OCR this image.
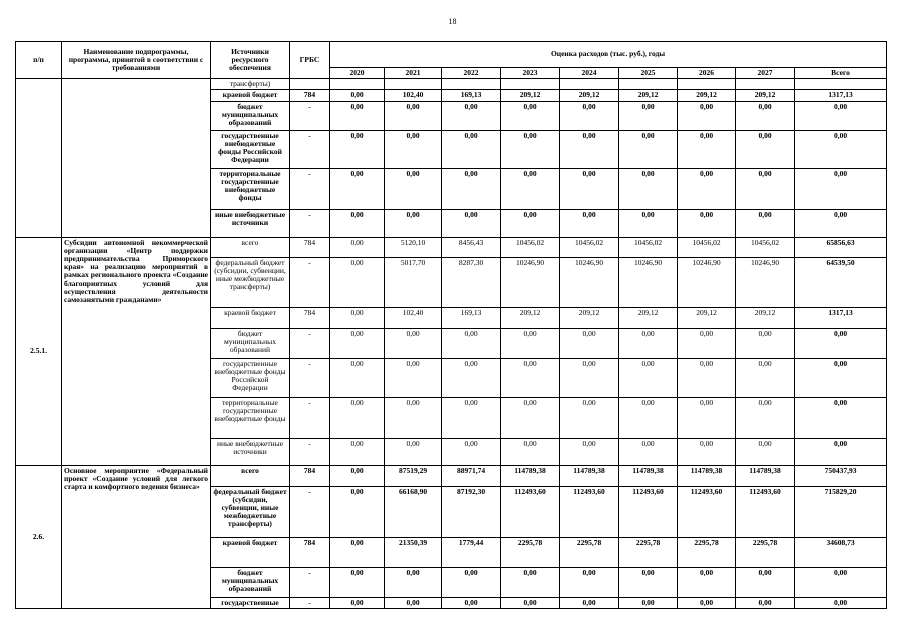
18
п/п	Наименование подпрограммы, программы, принятой в соответствии с требованиями	Источники ресурсного обеспечения	ГРБС	Оценка расходов (тыс. руб.), годы								
				2020	2021	2022	2023	2024	2025	2026	2027	Всего
		трансферты)										
		краевой бюджет	784	0,00	102,40	169,13	209,12	209,12	209,12	209,12	209,12	1317,13
		бюджет муниципальных образований	-	0,00	0,00	0,00	0,00	0,00	0,00	0,00	0,00	0,00
		государственные внебюджетные фонды Российской Федерации	-	0,00	0,00	0,00	0,00	0,00	0,00	0,00	0,00	0,00
		территориальные государственные внебюджетные фонды	-	0,00	0,00	0,00	0,00	0,00	0,00	0,00	0,00	0,00
		иные внебюджетные источники	-	0,00	0,00	0,00	0,00	0,00	0,00	0,00	0,00	0,00
2.5.1.	Субсидии автономной некоммерческой организации «Центр поддержки предпринимательства Приморского края» на реализацию мероприятий в рамках регионального проекта «Создание благоприятных условий для осуществления деятельности самозанятыми гражданами»	всего	784	0,00	5120,10	8456,43	10456,02	10456,02	10456,02	10456,02	10456,02	65856,63
		федеральный бюджет (субсидии, субвенции, иные межбюджетные трансферты)	-	0,00	5017,70	8287,30	10246,90	10246,90	10246,90	10246,90	10246,90	64539,50
		краевой бюджет	784	0,00	102,40	169,13	209,12	209,12	209,12	209,12	209,12	1317,13
		бюджет муниципальных образований	-	0,00	0,00	0,00	0,00	0,00	0,00	0,00	0,00	0,00
		государственные внебюджетные фонды Российской Федерации	-	0,00	0,00	0,00	0,00	0,00	0,00	0,00	0,00	0,00
		территориальные государственные внебюджетные фонды	-	0,00	0,00	0,00	0,00	0,00	0,00	0,00	0,00	0,00
		иные внебюджетные источники	-	0,00	0,00	0,00	0,00	0,00	0,00	0,00	0,00	0,00
2.6.	Основное мероприятие «Федеральный проект «Создание условий для легкого старта и комфортного ведения бизнеса»	всего	784	0,00	87519,29	88971,74	114789,38	114789,38	114789,38	114789,38	114789,38	750437,93
		федеральный бюджет (субсидии, субвенции, иные межбюджетные трансферты)	-	0,00	66168,90	87192,30	112493,60	112493,60	112493,60	112493,60	112493,60	715829,20
		краевой бюджет	784	0,00	21350,39	1779,44	2295,78	2295,78	2295,78	2295,78	2295,78	34608,73
		бюджет муниципальных образований	-	0,00	0,00	0,00	0,00	0,00	0,00	0,00	0,00	0,00
		государственные	-	0,00	0,00	0,00	0,00	0,00	0,00	0,00	0,00	0,00
